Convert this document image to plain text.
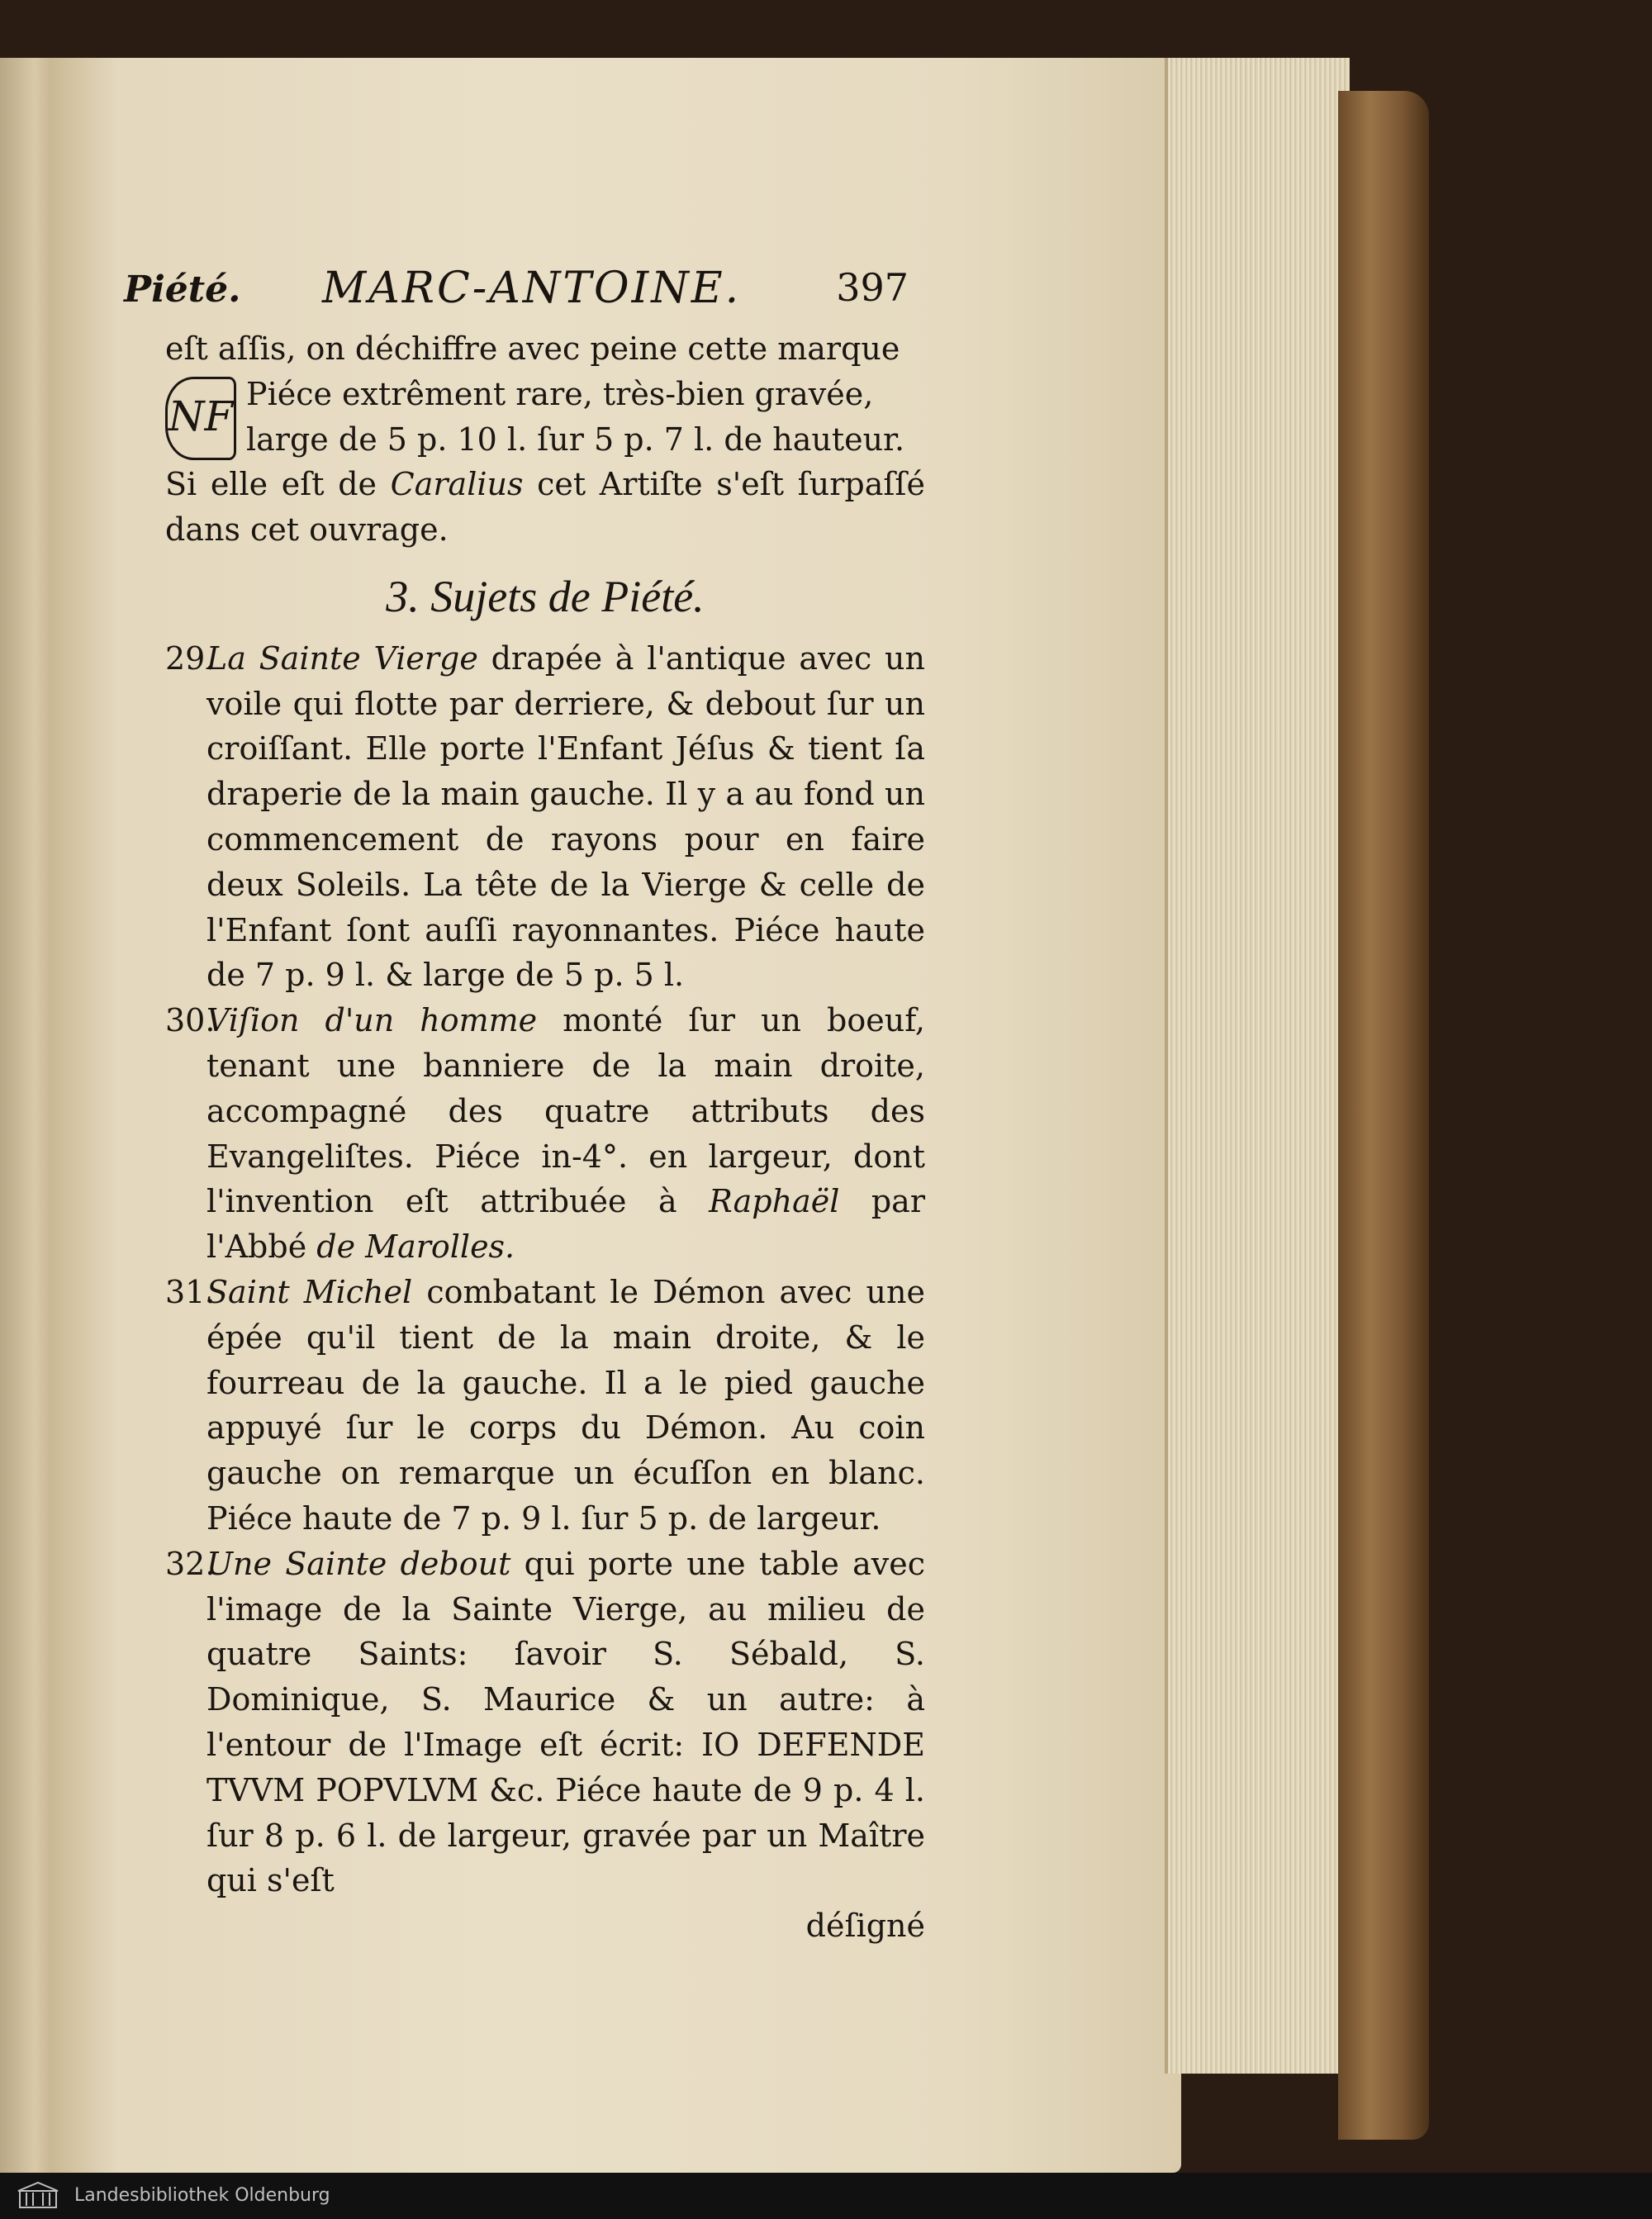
Piété. MARC-ANTOINE. 397

eſt aſſis, on déchiffre avec peine cette marque

NF Piéce extrêment rare, très-bien gravée,

large de 5 p. 10 l. ſur 5 p. 7 l. de hauteur.

Si elle eſt de Caralius cet Artiſte s'eſt ſurpaſſé dans cet ouvrage.

3. Sujets de Piété.

29.La Sainte Vierge drapée à l'antique avec un voile qui flotte par derriere, & debout ſur un croiſſant. Elle porte l'Enfant Jéſus & tient ſa draperie de la main gauche. Il y a au fond un commencement de rayons pour en faire deux Soleils. La tête de la Vierge & celle de l'Enfant ſont auſſi rayonnantes. Piéce haute de 7 p. 9 l. & large de 5 p. 5 l.

30.Viſion d'un homme monté ſur un boeuf, tenant une banniere de la main droite, accompagné des quatre attributs des Evangeliſtes. Piéce in-4°. en largeur, dont l'invention eſt attribuée à Raphaël par l'Abbé de Marolles.

31.Saint Michel combatant le Démon avec une épée qu'il tient de la main droite, & le fourreau de la gauche. Il a le pied gauche appuyé ſur le corps du Démon. Au coin gauche on remarque un écuſſon en blanc. Piéce haute de 7 p. 9 l. ſur 5 p. de largeur.

32.Une Sainte debout qui porte une table avec l'image de la Sainte Vierge, au milieu de quatre Saints: ſavoir S. Sébald, S. Dominique, S. Maurice & un autre: à l'entour de l'Image eſt écrit: IO DEFENDE TVVM POPVLVM &c. Piéce haute de 9 p. 4 l. ſur 8 p. 6 l. de largeur, gravée par un Maître qui s'eſt

déſigné

Landesbibliothek Oldenburg
